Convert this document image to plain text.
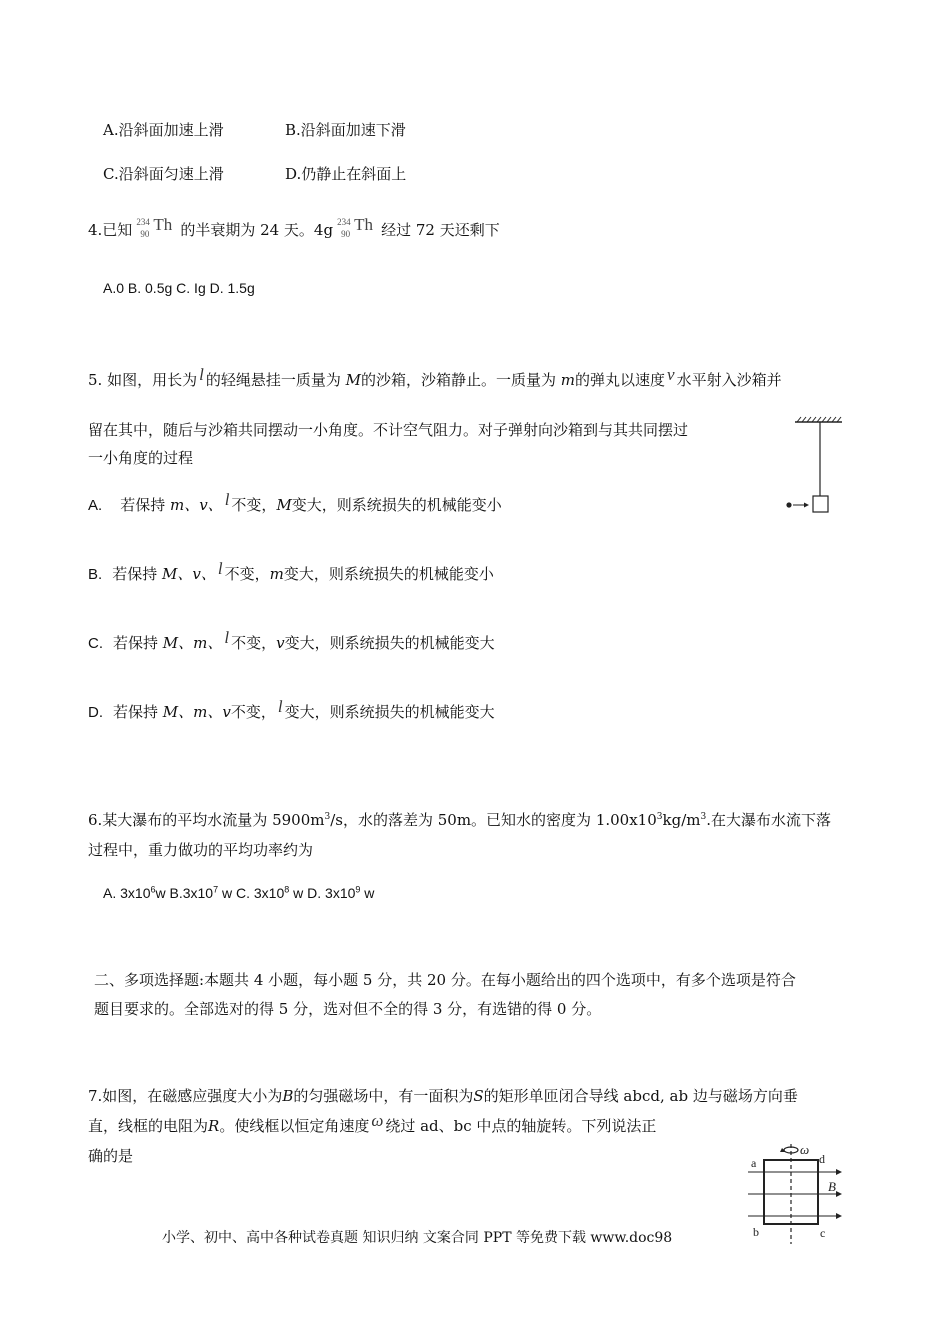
A.沿斜面加速上滑	B.沿斜面加速下滑
C.沿斜面匀速上滑	D.仍静止在斜面上
4.已知 234
90 Th 的半衰期为 24 天。4g 234
90 Th 经过 72 天还剩下
A.0 B. 0.5g C. Ig D. 1.5g
5. 如图，用长为 l 的轻绳悬挂一质量为 M的沙箱，沙箱静止。一质量为 m的弹丸以速度 v 水平射入沙箱并
留在其中，随后与沙箱共同摆动一小角度。不计空气阻力。对子弹射向沙箱到与其共同摆过
一小角度的过程
A. 若保持 m、v、 l 不变，M变大，则系统损失的机械能变小
B. 若保持 M、v、 l 不变，m变大，则系统损失的机械能变小
C. 若保持 M、m、 l 不变，v变大，则系统损失的机械能变大
D. 若保持 M、m、v不变， l 变大，则系统损失的机械能变大
6.某大瀑布的平均水流量为 $5900m^3/s$，水的落差为 50m。已知水的密度为 $1.00x10^3kg/m^3$.在大瀑布水流下落
过程中，重力做功的平均功率约为
A. $3x10^6w$ $B.3x10^7$ w C. $3x10^8$ w D. $3x10^9$ w
二、多项选择题:本题共 4 小题，每小题 5 分，共 20 分。在每小题给出的四个选项中，有多个选项是符合
题目要求的。全部选对的得 5 分，选对但不全的得 3 分，有选错的得 0 分。
7.如图，在磁感应强度大小为B的匀强磁场中，有一面积为S的矩形单匝闭合导线 abcd, ab 边与磁场方向垂
直，线框的电阻为R。使线框以恒定角速度 ω 绕过 ad、bc 中点的轴旋转。下列说法正
确的是	ω
a	d
b	c
B
小学、初中、高中各种试卷真题 知识归纳 文案合同 PPT 等免费下载 www.doc98
